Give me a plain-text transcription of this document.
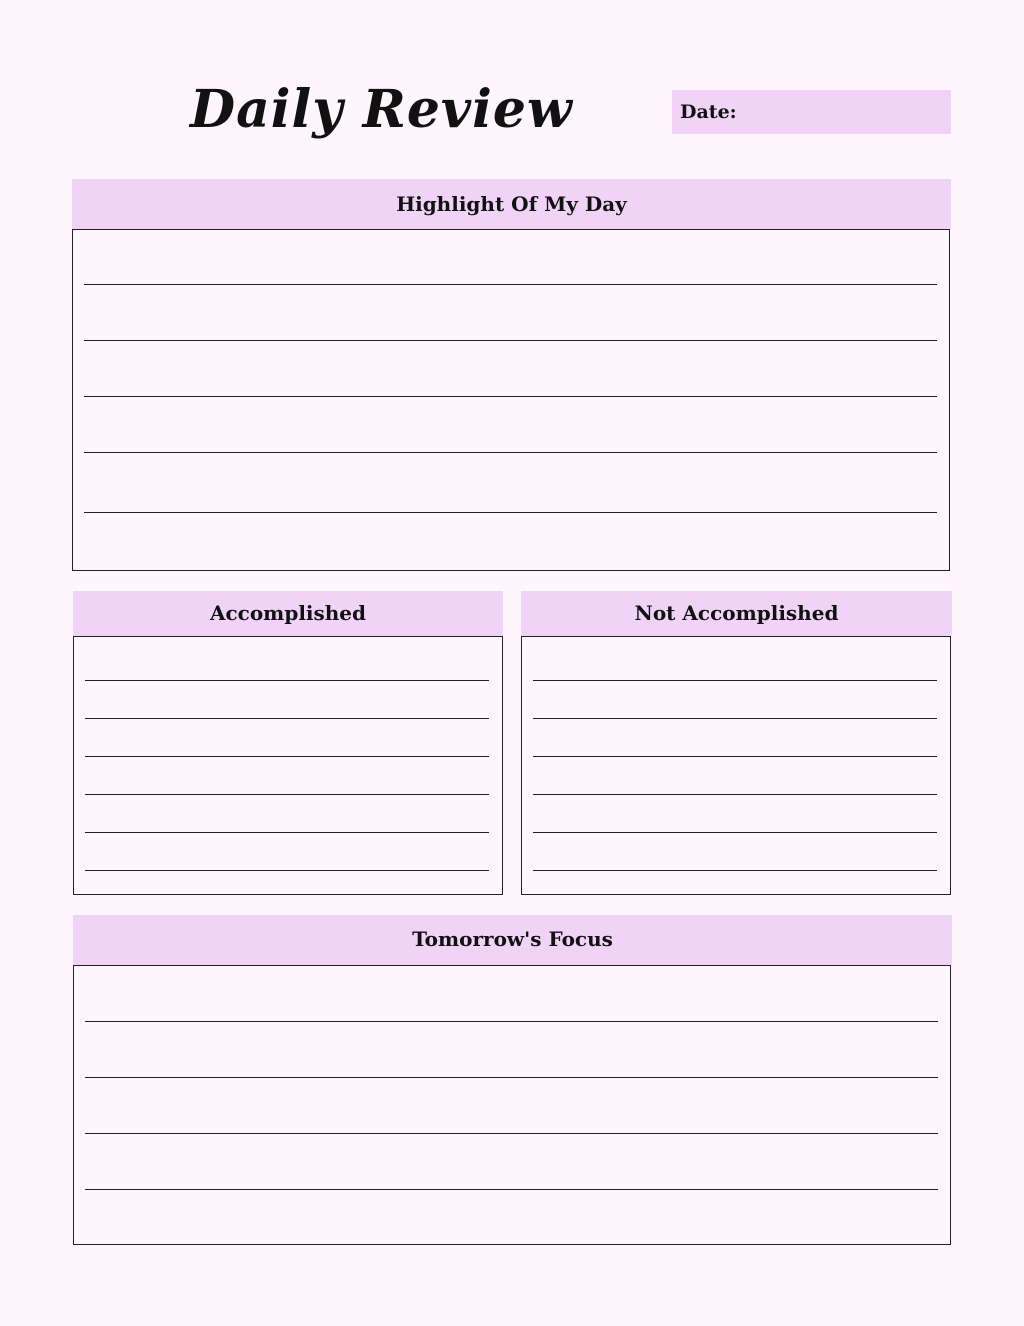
Daily Review	Date:
Highlight Of My Day
Accomplished	Not Accomplished
Tomorrow's Focus
